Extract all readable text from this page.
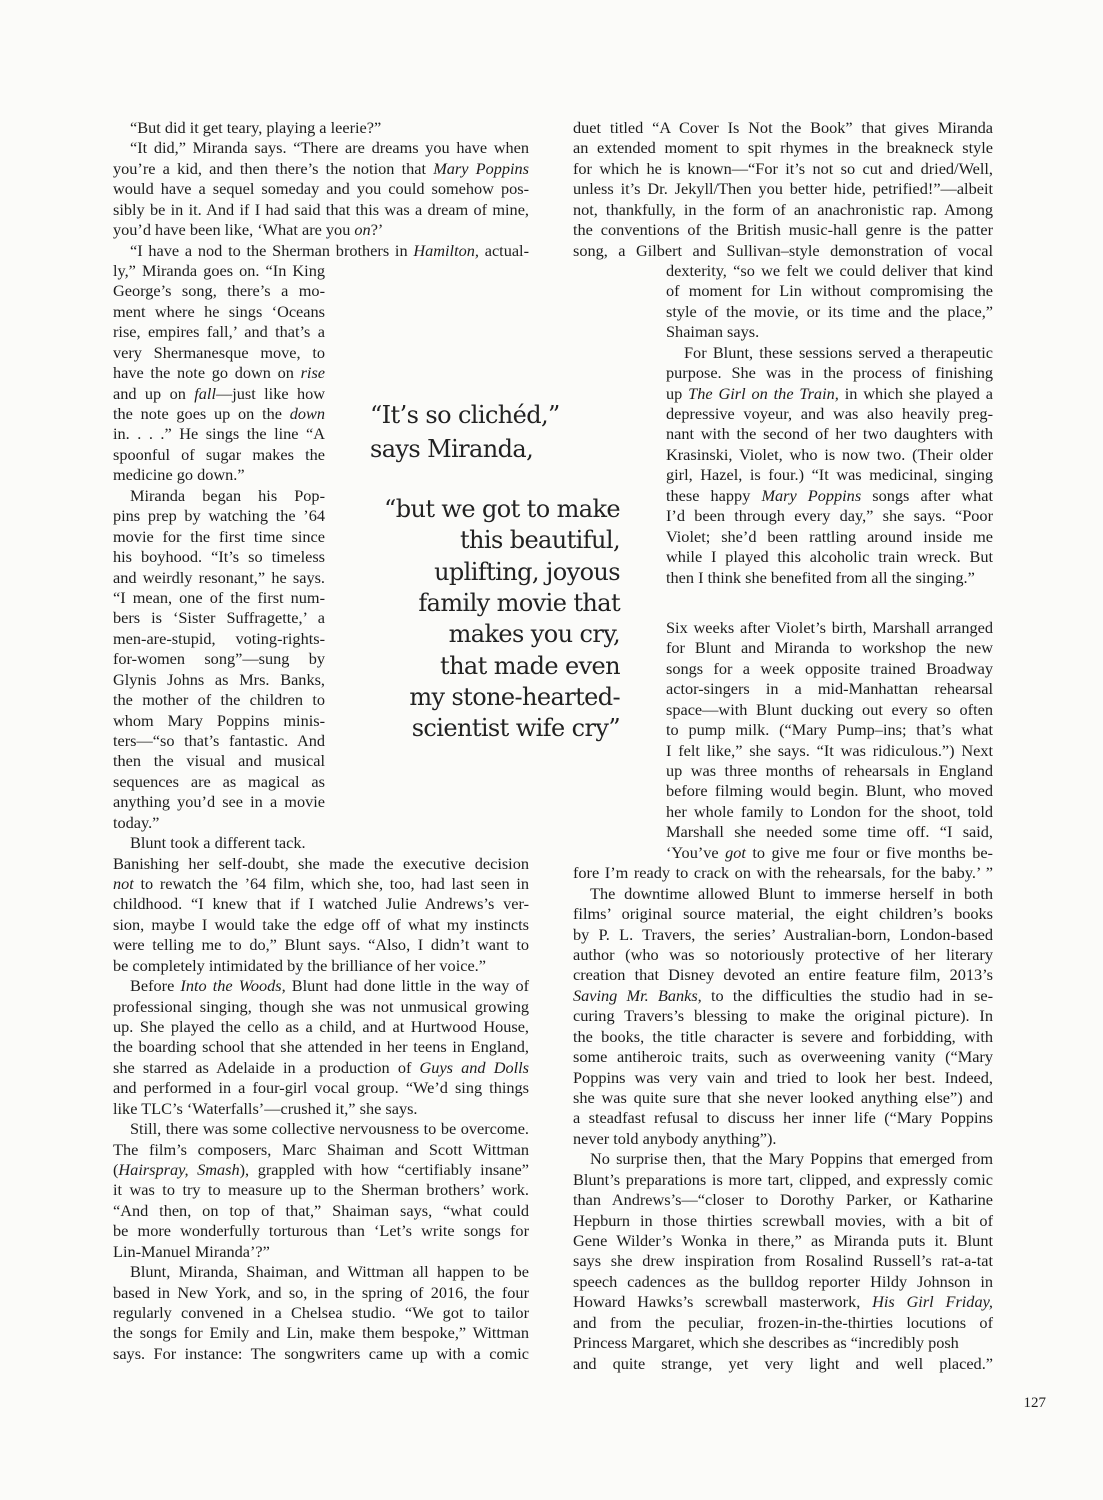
“But did it get teary, playing a leerie?”
“It did,” Miranda says. “There are dreams you have when
you’re a kid, and then there’s the notion that Mary Poppins
would have a sequel someday and you could somehow pos-
sibly be in it. And if I had said that this was a dream of mine,
you’d have been like, ‘What are you on?’
“I have a nod to the Sherman brothers in Hamilton, actual-
ly,” Miranda goes on. “In King
George’s song, there’s a mo-
ment where he sings ‘Oceans
rise, empires fall,’ and that’s a
very Shermanesque move, to
have the note go down on rise
and up on fall—just like how
the note goes up on the down
in. . . .” He sings the line “A
spoonful of sugar makes the
medicine go down.”
Miranda began his Pop-
pins prep by watching the ’64
movie for the first time since
his boyhood. “It’s so timeless
and weirdly resonant,” he says.
“I mean, one of the first num-
bers is ‘Sister Suffragette,’ a
men-are-stupid, voting-rights-
for-women song”—sung by
Glynis Johns as Mrs. Banks,
the mother of the children to
whom Mary Poppins minis-
ters—“so that’s fantastic. And
then the visual and musical
sequences are as magical as
anything you’d see in a movie
today.”
Blunt took a different tack.
Banishing her self-doubt, she made the executive decision
not to rewatch the ’64 film, which she, too, had last seen in
childhood. “I knew that if I watched Julie Andrews’s ver-
sion, maybe I would take the edge off of what my instincts
were telling me to do,” Blunt says. “Also, I didn’t want to
be completely intimidated by the brilliance of her voice.”
Before Into the Woods, Blunt had done little in the way of
professional singing, though she was not unmusical growing
up. She played the cello as a child, and at Hurtwood House,
the boarding school that she attended in her teens in England,
she starred as Adelaide in a production of Guys and Dolls
and performed in a four-girl vocal group. “We’d sing things
like TLC’s ‘Waterfalls’—crushed it,” she says.
Still, there was some collective nervousness to be overcome.
The film’s composers, Marc Shaiman and Scott Wittman
(Hairspray, Smash), grappled with how “certifiably insane”
it was to try to measure up to the Sherman brothers’ work.
“And then, on top of that,” Shaiman says, “what could
be more wonderfully torturous than ‘Let’s write songs for
Lin-Manuel Miranda’?”
Blunt, Miranda, Shaiman, and Wittman all happen to be
based in New York, and so, in the spring of 2016, the four
regularly convened in a Chelsea studio. “We got to tailor
the songs for Emily and Lin, make them bespoke,” Wittman
says. For instance: The songwriters came up with a comic
duet titled “A Cover Is Not the Book” that gives Miranda
an extended moment to spit rhymes in the breakneck style
for which he is known—“For it’s not so cut and dried/Well,
unless it’s Dr. Jekyll/Then you better hide, petrified!”—albeit
not, thankfully, in the form of an anachronistic rap. Among
the conventions of the British music-hall genre is the patter
song, a Gilbert and Sullivan–style demonstration of vocal
dexterity, “so we felt we could deliver that kind
of moment for Lin without compromising the
style of the movie, or its time and the place,”
Shaiman says.
For Blunt, these sessions served a therapeutic
purpose. She was in the process of finishing
up The Girl on the Train, in which she played a
depressive voyeur, and was also heavily preg-
nant with the second of her two daughters with
Krasinski, Violet, who is now two. (Their older
girl, Hazel, is four.) “It was medicinal, singing
these happy Mary Poppins songs after what
I’d been through every day,” she says. “Poor
Violet; she’d been rattling around inside me
while I played this alcoholic train wreck. But
then I think she benefited from all the singing.”
Six weeks after Violet’s birth, Marshall arranged
for Blunt and Miranda to workshop the new
songs for a week opposite trained Broadway
actor-singers in a mid-Manhattan rehearsal
space—with Blunt ducking out every so often
to pump milk. (“Mary Pump–ins; that’s what
I felt like,” she says. “It was ridiculous.”) Next
up was three months of rehearsals in England
before filming would begin. Blunt, who moved
her whole family to London for the shoot, told
Marshall she needed some time off. “I said,
‘You’ve got to give me four or five months be-
fore I’m ready to crack on with the rehearsals, for the baby.’ ”
The downtime allowed Blunt to immerse herself in both
films’ original source material, the eight children’s books
by P. L. Travers, the series’ Australian-born, London-based
author (who was so notoriously protective of her literary
creation that Disney devoted an entire feature film, 2013’s
Saving Mr. Banks, to the difficulties the studio had in se-
curing Travers’s blessing to make the original picture). In
the books, the title character is severe and forbidding, with
some antiheroic traits, such as overweening vanity (“Mary
Poppins was very vain and tried to look her best. Indeed,
she was quite sure that she never looked anything else”) and
a steadfast refusal to discuss her inner life (“Mary Poppins
never told anybody anything”).
No surprise then, that the Mary Poppins that emerged from
Blunt’s preparations is more tart, clipped, and expressly comic
than Andrews’s—“closer to Dorothy Parker, or Katharine
Hepburn in those thirties screwball movies, with a bit of
Gene Wilder’s Wonka in there,” as Miranda puts it. Blunt
says she drew inspiration from Rosalind Russell’s rat-a-tat
speech cadences as the bulldog reporter Hildy Johnson in
Howard Hawks’s screwball masterwork, His Girl Friday,
and from the peculiar, frozen-in-the-thirties locutions of
Princess Margaret, which she describes as “incredibly posh
and quite strange, yet very light and well placed.”
“It’s so clichéd,”
says Miranda,
“but we got to make
this beautiful,
uplifting, joyous
family movie that
makes you cry,
that made even
my stone-hearted-
scientist wife cry”
127
